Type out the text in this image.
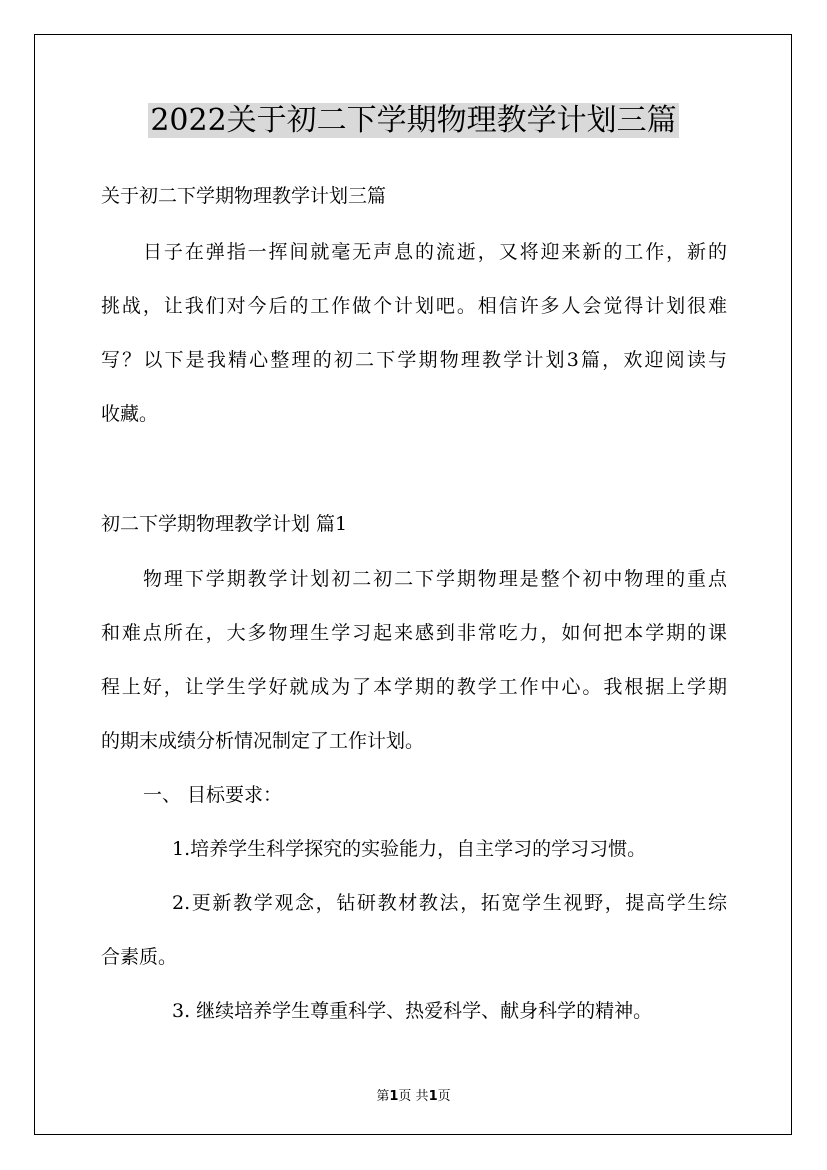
2022关于初二下学期物理教学计划三篇
关于初二下学期物理教学计划三篇
日子在弹指一挥间就毫无声息的流逝，又将迎来新的工作，新的
挑战，让我们对今后的工作做个计划吧。相信许多人会觉得计划很难
写？以下是我精心整理的初二下学期物理教学计划3篇，欢迎阅读与
收藏。
初二下学期物理教学计划 篇1
物理下学期教学计划初二初二下学期物理是整个初中物理的重点
和难点所在，大多物理生学习起来感到非常吃力，如何把本学期的课
程上好，让学生学好就成为了本学期的教学工作中心。我根据上学期
的期末成绩分析情况制定了工作计划。
一、 目标要求：
1.培养学生科学探究的实验能力，自主学习的学习习惯。
2.更新教学观念，钻研教材教法，拓宽学生视野，提高学生综
合素质。
3. 继续培养学生尊重科学、热爱科学、献身科学的精神。
第1页 共1页
